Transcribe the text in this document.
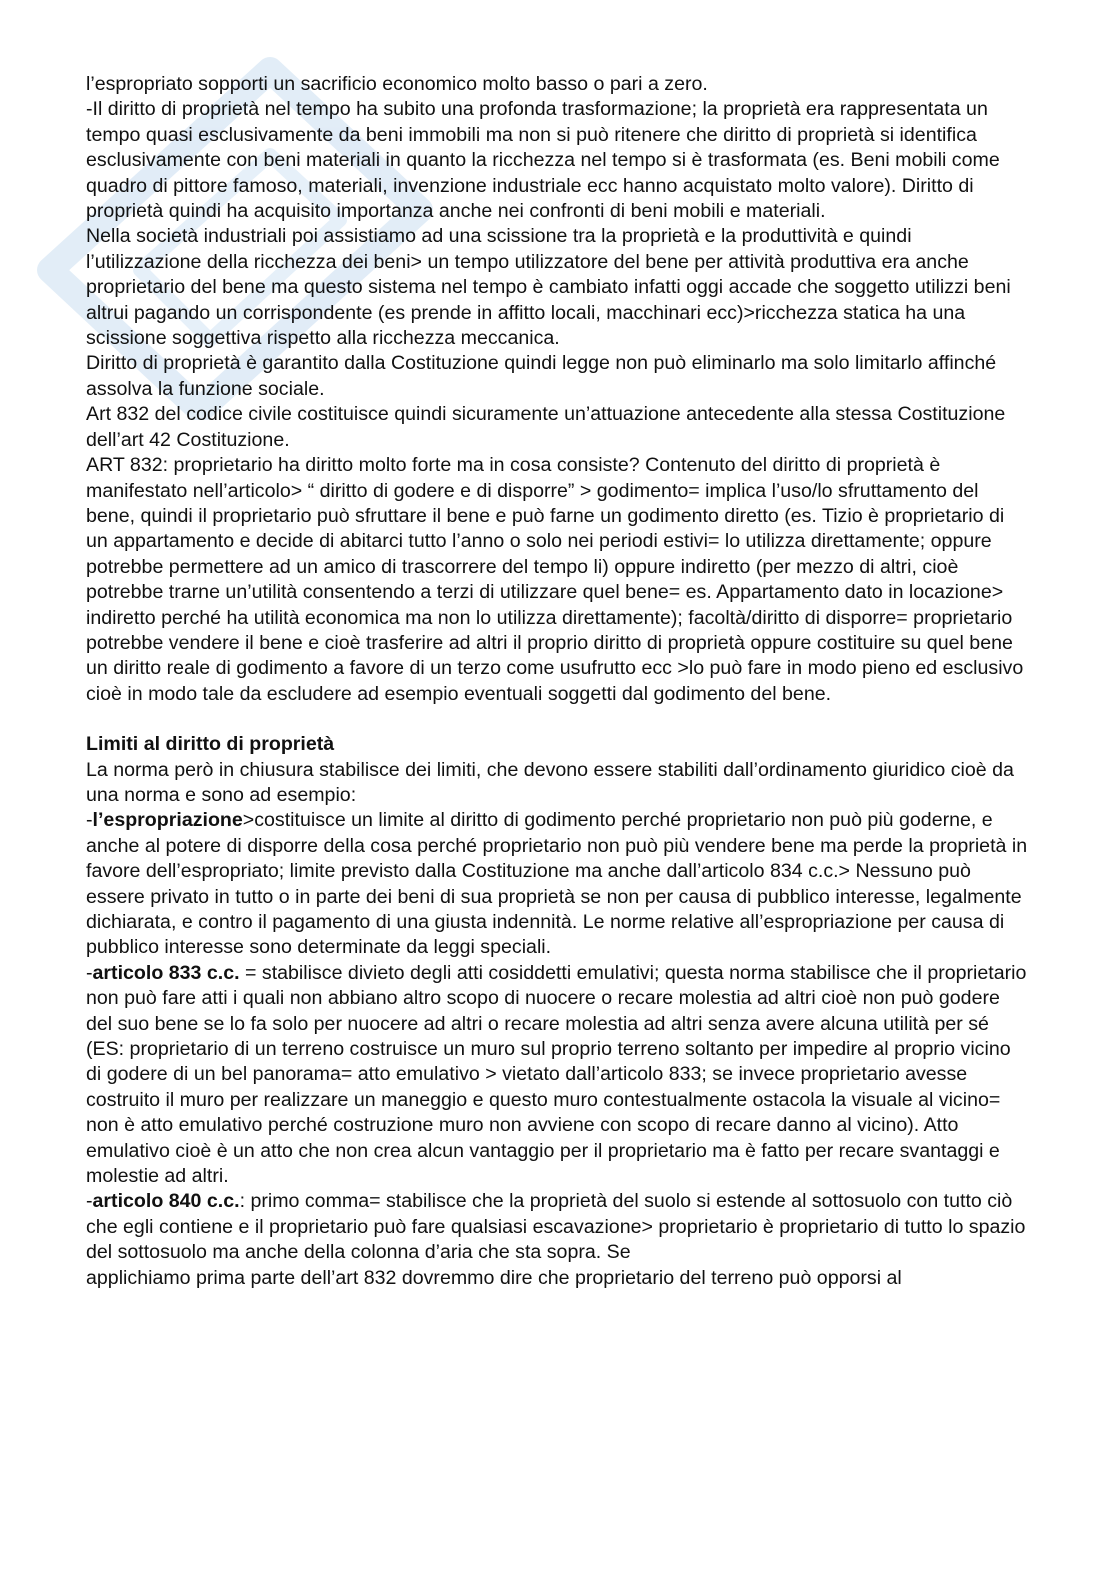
l’espropriato sopporti un sacrificio economico molto basso o pari a zero.

-Il diritto di proprietà nel tempo ha subito una profonda trasformazione; la proprietà era rappresentata un tempo quasi esclusivamente da beni immobili ma non si può ritenere che diritto di proprietà si identifica esclusivamente con beni materiali in quanto la ricchezza nel tempo si è trasformata (es. Beni mobili come quadro di pittore famoso, materiali, invenzione industriale ecc hanno acquistato molto valore). Diritto di proprietà quindi ha acquisito importanza anche nei confronti di beni mobili e materiali.

Nella società industriali poi assistiamo ad una scissione tra la proprietà e la produttività e quindi l’utilizzazione della ricchezza dei beni> un tempo utilizzatore del bene per attività produttiva era anche proprietario del bene ma questo sistema nel tempo è cambiato infatti oggi accade che soggetto utilizzi beni altrui pagando un corrispondente (es prende in affitto locali, macchinari ecc)>ricchezza statica ha una scissione soggettiva rispetto alla ricchezza meccanica.

Diritto di proprietà è garantito dalla Costituzione quindi legge non può eliminarlo ma solo limitarlo affinché assolva la funzione sociale.

Art 832 del codice civile costituisce quindi sicuramente un’attuazione antecedente alla stessa Costituzione dell’art 42 Costituzione.

ART 832: proprietario ha diritto molto forte ma in cosa consiste? Contenuto del diritto di proprietà è manifestato nell’articolo> “ diritto di godere e di disporre” > godimento= implica l’uso/lo sfruttamento del bene, quindi il proprietario può sfruttare il bene e può farne un godimento diretto (es. Tizio è proprietario di un appartamento e decide di abitarci tutto l’anno o solo nei periodi estivi= lo utilizza direttamente; oppure potrebbe permettere ad un amico di trascorrere del tempo li) oppure indiretto (per mezzo di altri, cioè potrebbe trarne un’utilità consentendo a terzi di utilizzare quel bene= es. Appartamento dato in locazione> indiretto perché ha utilità economica ma non lo utilizza direttamente); facoltà/diritto di disporre= proprietario potrebbe vendere il bene e cioè trasferire ad altri il proprio diritto di proprietà oppure costituire su quel bene un diritto reale di godimento a favore di un terzo come usufrutto ecc >lo può fare in modo pieno ed esclusivo cioè in modo tale da escludere ad esempio eventuali soggetti dal godimento del bene.

Limiti al diritto di proprietà

La norma però in chiusura stabilisce dei limiti, che devono essere stabiliti dall’ordinamento giuridico cioè da una norma e sono ad esempio:

-l’espropriazione>costituisce un limite al diritto di godimento perché proprietario non può più goderne, e anche al potere di disporre della cosa perché proprietario non può più vendere bene ma perde la proprietà in favore dell’espropriato; limite previsto dalla Costituzione ma anche dall’articolo 834 c.c.> Nessuno può essere privato in tutto o in parte dei beni di sua proprietà se non per causa di pubblico interesse, legalmente dichiarata, e contro il pagamento di una giusta indennità. Le norme relative all’espropriazione per causa di pubblico interesse sono determinate da leggi speciali.

-articolo 833 c.c. = stabilisce divieto degli atti cosiddetti emulativi; questa norma stabilisce che il proprietario non può fare atti i quali non abbiano altro scopo di nuocere o recare molestia ad altri cioè non può godere del suo bene se lo fa solo per nuocere ad altri o recare molestia ad altri senza avere alcuna utilità per sé (ES: proprietario di un terreno costruisce un muro sul proprio terreno soltanto per impedire al proprio vicino di godere di un bel panorama= atto emulativo > vietato dall’articolo 833; se invece proprietario avesse costruito il muro per realizzare un maneggio e questo muro contestualmente ostacola la visuale al vicino= non è atto emulativo perché costruzione muro non avviene con scopo di recare danno al vicino). Atto emulativo cioè è un atto che non crea alcun vantaggio per il proprietario ma è fatto per recare svantaggi e molestie ad altri.

-articolo 840 c.c.: primo comma= stabilisce che la proprietà del suolo si estende al sottosuolo con tutto ciò che egli contiene e il proprietario può fare qualsiasi escavazione> proprietario è proprietario di tutto lo spazio del sottosuolo ma anche della colonna d’aria che sta sopra. Se

applichiamo prima parte dell’art 832 dovremmo dire che proprietario del terreno può opporsi al
